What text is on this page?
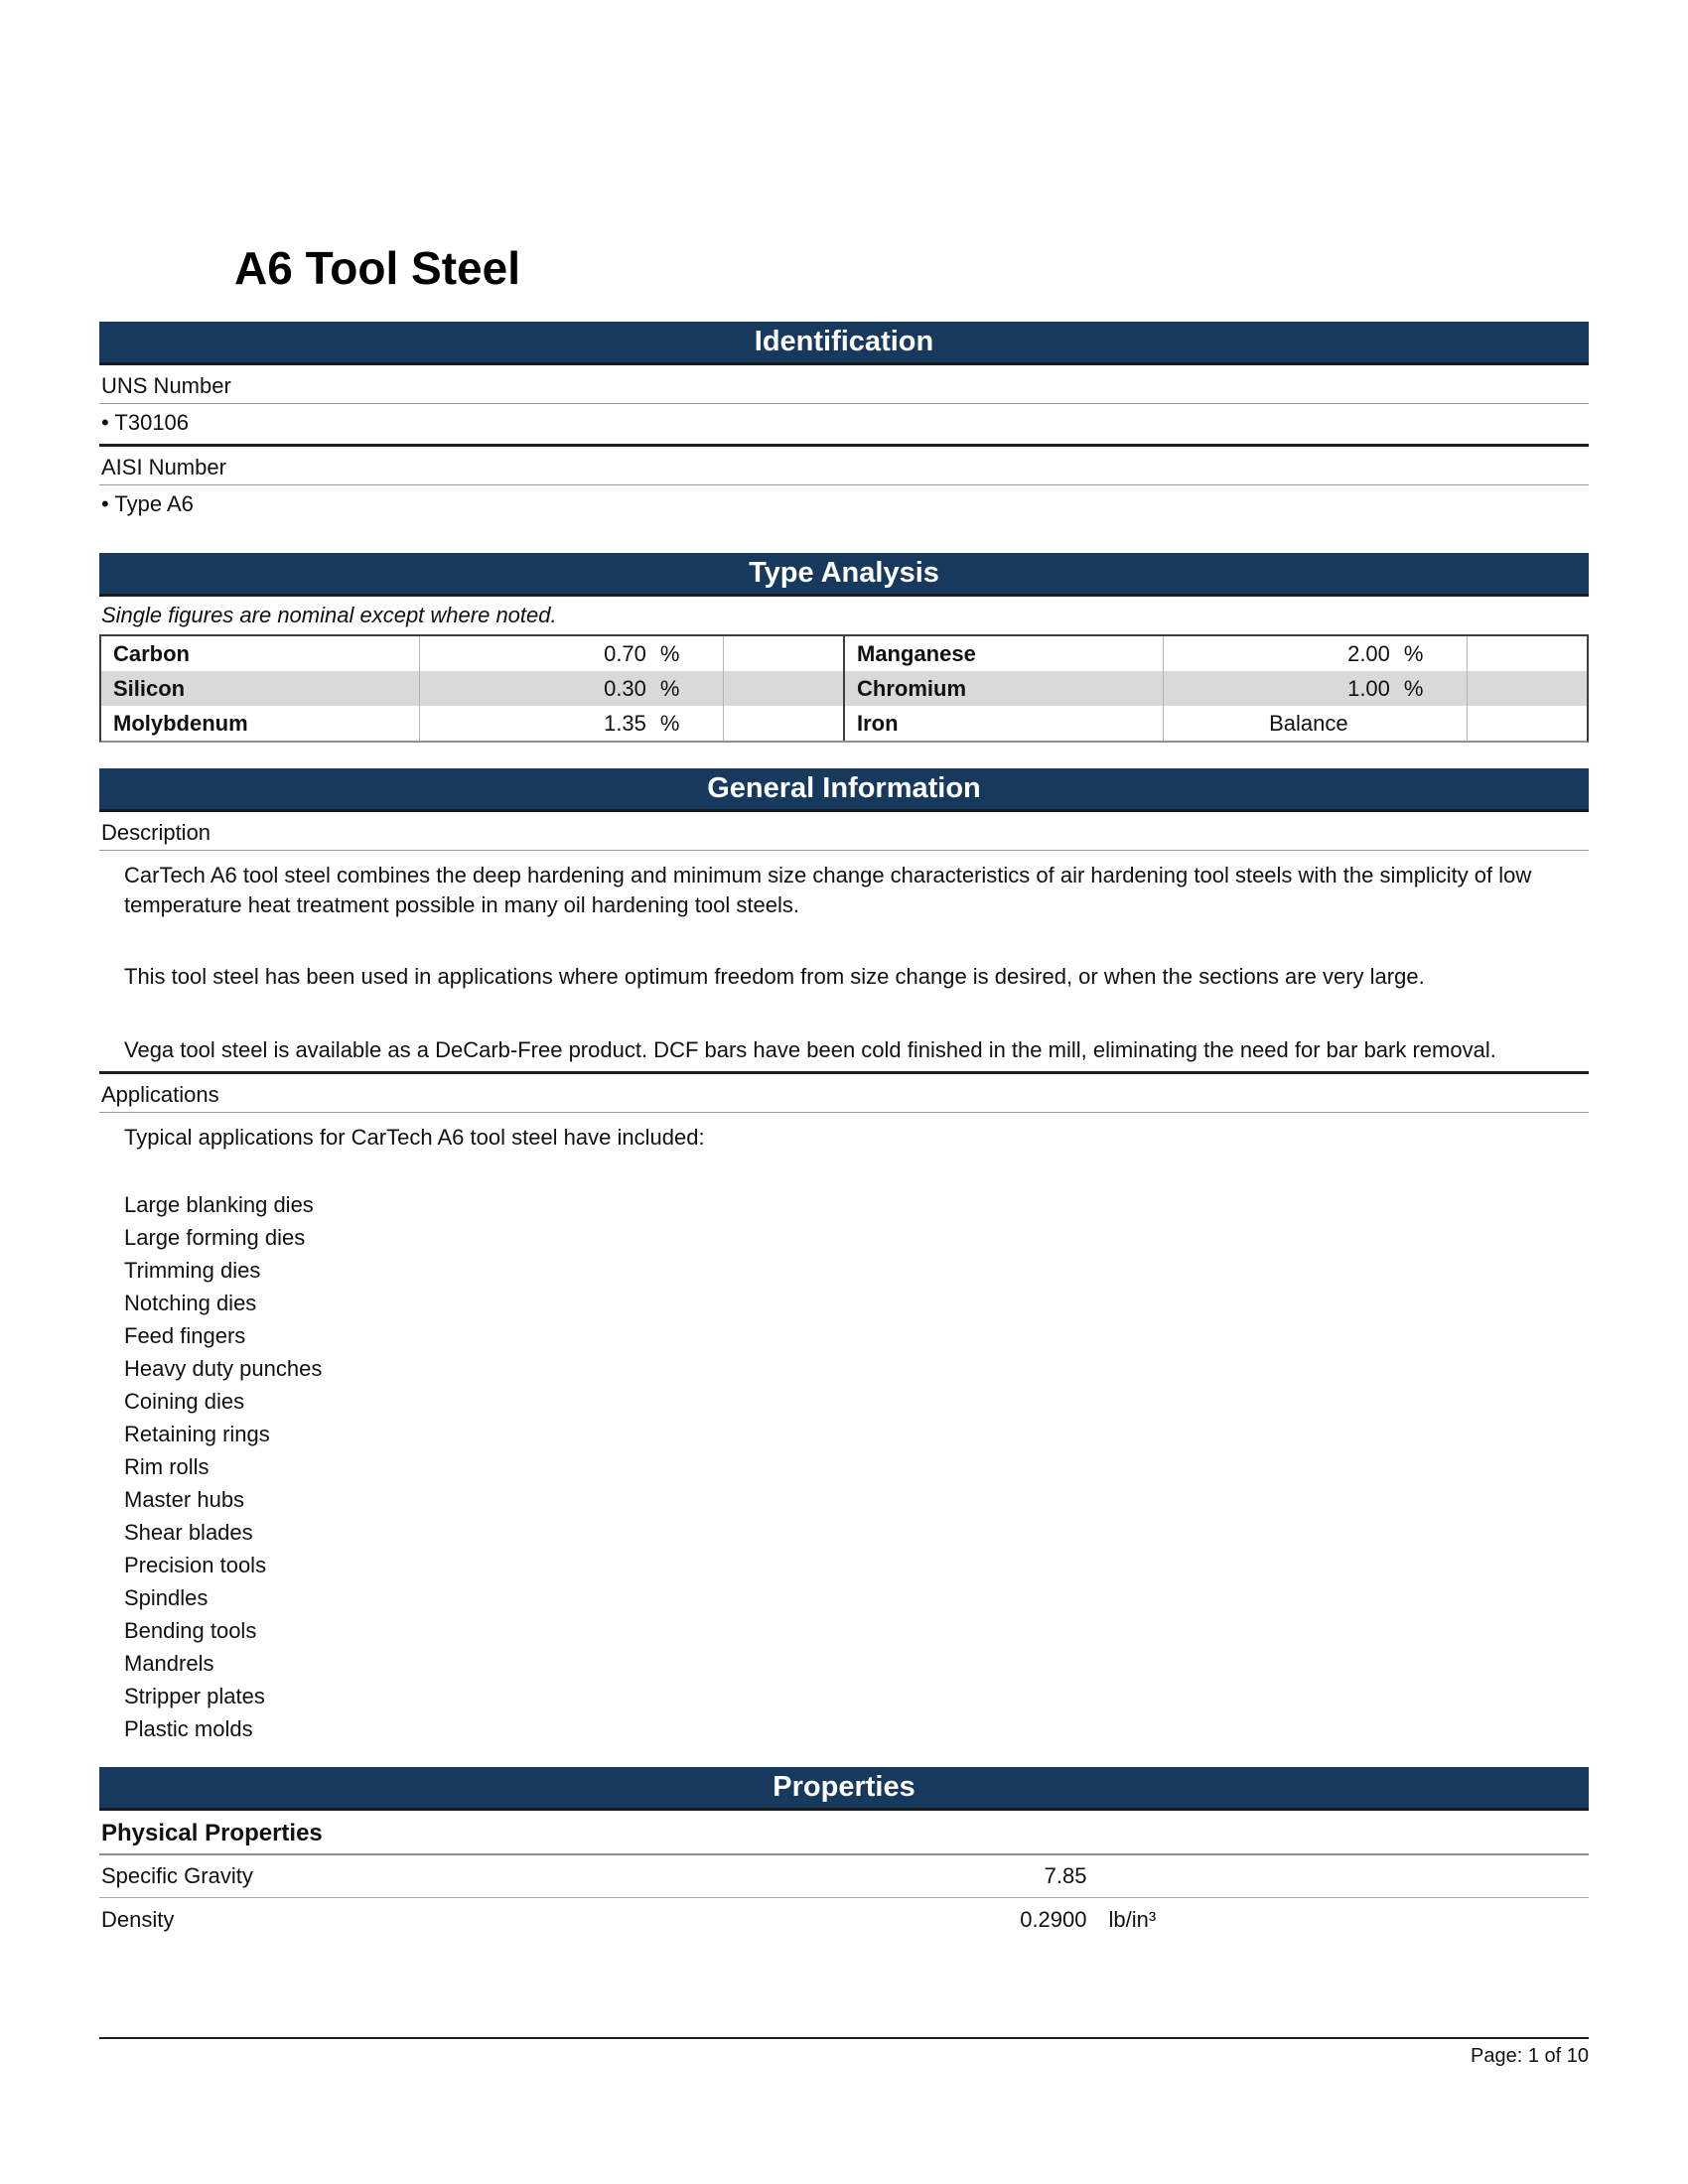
A6 Tool Steel
Identification
UNS Number
• T30106
AISI Number
• Type A6
Type Analysis
Single figures are nominal except where noted.
Carbon	0.70 %	Manganese	2.00 %
Silicon	0.30 %	Chromium	1.00 %
Molybdenum	1.35 %	Iron	Balance
General Information
Description

CarTech A6 tool steel combines the deep hardening and minimum size change characteristics of air hardening tool steels with the simplicity of low temperature heat treatment possible in many oil hardening tool steels.

This tool steel has been used in applications where optimum freedom from size change is desired, or when the sections are very large.

Vega tool steel is available as a DeCarb-Free product. DCF bars have been cold finished in the mill, eliminating the need for bar bark removal.

Applications
Typical applications for CarTech A6 tool steel have included:
Large blanking dies
Large forming dies
Trimming dies
Notching dies
Feed fingers
Heavy duty punches
Coining dies
Retaining rings
Rim rolls
Master hubs
Shear blades
Precision tools
Spindles
Bending tools
Mandrels
Stripper plates
Plastic molds
Properties
Physical Properties
Specific Gravity	7.85
Density	0.2900	lb/in³
Page: 1 of 10
